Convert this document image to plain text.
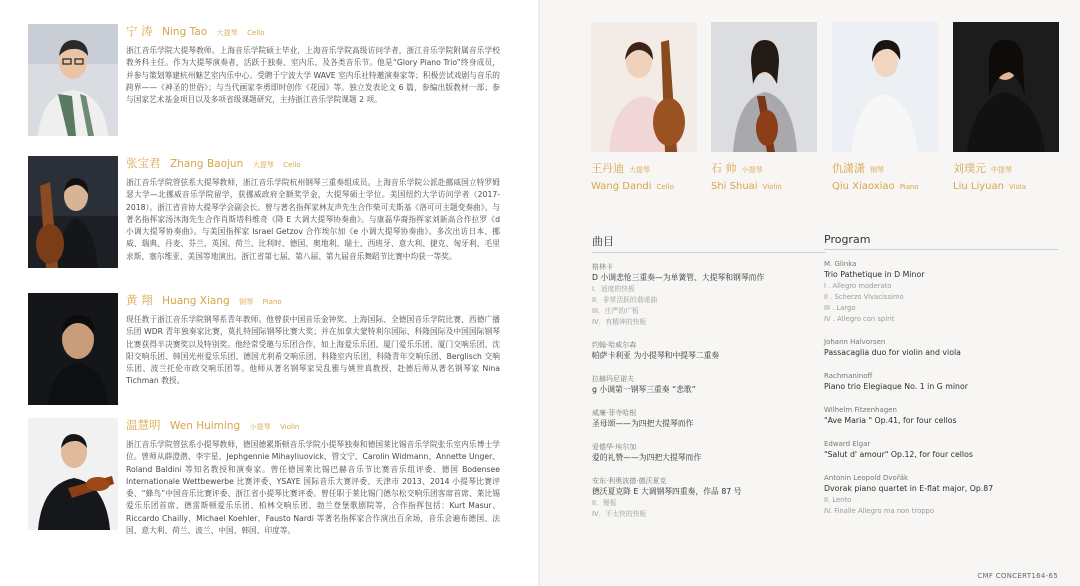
宁 涛 Ning Tao 大提琴 Cello
浙江音乐学院大提琴教师。上海音乐学院硕士毕业，上海音乐学院高级访问学者，浙江音乐学院附属音乐学校教务科主任。作为大提琴演奏者，活跃于独奏、室内乐、及各类音乐节。他是“Glory Piano Trio”终身成员，并参与策划筹建杭州魅艺室内乐中心。受聘于宁波大学 WAVE 室内乐社特邀演奏家等；积极尝试戏剧与音乐的跨界——《神圣的世俗》；与当代画家李勇即时创作《花园》等。独立发表论文 6 篇，参编出版教材一部；参与国家艺术基金项目以及多项省级课题研究，主持浙江音乐学院课题 2 项。
张宝君 Zhang Baojun 大提琴 Cello
浙江音乐学院管弦系大提琴教师，浙江音乐学院杭州钢琴三重奏组成员。上海音乐学院公派赴挪威国立特罗姆瑟大学—北挪威音乐学院留学，获挪威政府全额奖学金，大提琴硕士学位。美国纽约大学访问学者（2017-2018）。浙江省音协大提琴学会副会长。曾与著名指挥家林友声先生合作柴可夫斯基《洛可可主题变奏曲》。与著名指挥家汤沐海先生合作肖斯塔科维奇《降 E 大调大提琴协奏曲》。与康磊华裔指挥家刘新高合作拉罗《d 小调大提琴协奏曲》。与美国指挥家 Israel Getzov 合作埃尔加《e 小调大提琴协奏曲》。多次出访日本、挪威、瑞典、丹麦、芬兰、英国、荷兰、比利时、德国、奥地利、瑞士、西班牙、意大利、捷克、匈牙利、毛里求斯、塞尔维亚、美国等地演出。浙江省第七届、第八届、第九届音乐舞蹈节比赛中均获一等奖。
黄 翔 Huang Xiang 钢琴 Piano
现任教于浙江音乐学院钢琴系青年教师。他曾获中国音乐金钟奖、上海国际、全德国音乐学院比赛、西德广播乐团 WDR 青年独奏家比赛，莫扎特国际钢琴比赛大奖；并在加拿大蒙特利尔国际、科隆国际及中国国际钢琴比赛获得半决赛奖以及特别奖。他经常受邀与乐团合作，如上海爱乐乐团、厦门爱乐乐团、厦门交响乐团、沈阳交响乐团、韩国光州爱乐乐团、德国尤利希交响乐团、科隆室内乐团、科隆青年交响乐团、Berglisch 交响乐团、波兰托伦市政交响乐团等。他师从著名钢琴家吴乱雅与姚世真教授，赴德后师从著名钢琴家 Nina Tichman 教授。
温慧明 Wen Huiming 小提琴 Violin
浙江音乐学院管弦系小提琴教师，德国德累斯顿音乐学院小提琴独奏和德国莱比锡音乐学院张乐室内乐博士学位。曾师从薛澄潜、李宇星、Jephgennie Mihayliuovick、管文宁、Carolin Widmann、Annette Unger、Roland Baldini 等知名教授和演奏家。曾任德国莱比锡巴赫音乐节比赛音乐组评委、德国 Bodensee Internationale Wettbewerbe 比赛评委、YSAYE 国际音乐大赛评委、天津市 2013、2014 小提琴比赛评委、“蜂鸟”中国音乐比赛评委、浙江省小提琴比赛评委。曾任职于莱比锡门德尔松交响乐团客席首席、莱比锡爱乐乐团首席、德雷斯顿爱乐乐团、柏林交响乐团、勃兰登堡歌剧院等，合作指挥包括：Kurt Masur、Riccardo Chailly、Michael Koehler、Fausto Nardi 等著名指挥家合作演出百余场，音乐会遍布德国、法国、意大利、荷兰、波兰、中国、韩国、印度等。
王丹迪 大提琴
Wang Dandi Cello
石 帅 小提琴
Shi Shuai Violin
仇潇潇 钢琴
Qiu Xiaoxiao Piano
刘璞元 中提琴
Liu Liyuan Viola
曲目
格林卡
D 小调悲怆三重奏—为单簧管、大提琴和钢琴而作
I．适度的快板
II．非常活跃的谐谑曲
III．庄严的广板
IV．有精神的快板
约翰·哈威尔森
帕萨卡利亚 为小提琴和中提琴二重奏
拉赫玛尼诺夫
g 小调第一钢琴三重奏 “悲歌”
威廉·菲寺哈根
圣母颂——为四把大提琴而作
爱德华·埃尔加
爱的礼赞——为四把大提琴而作
安东·利奥波德·德沃夏克
德沃夏克降 E 大调钢琴四重奏，作品 87 号
II．慢板
IV．不太快的快板
Program
M. Glinka
Trio Pathetique in D Minor
I . Allegro moderato
II . Scherzo Vivacissimo
III . Largo
IV . Allegro con spirit
Johann Halvorsen
Passacaglia duo for violin and viola
Rachmaninoff
Piano trio Elegiaque No. 1 in G minor
Wilhelm Fitzenhagen
"Ave Maria " Op.41, for four cellos
Edward Elgar
"Salut d' amour" Op.12, for four cellos
Antonin Leopold Dvořák
Dvorak piano quartet in E-flat major, Op.87
II. Lento
IV. Finalle Allegro ma non troppo
CMF CONCERT164-65
